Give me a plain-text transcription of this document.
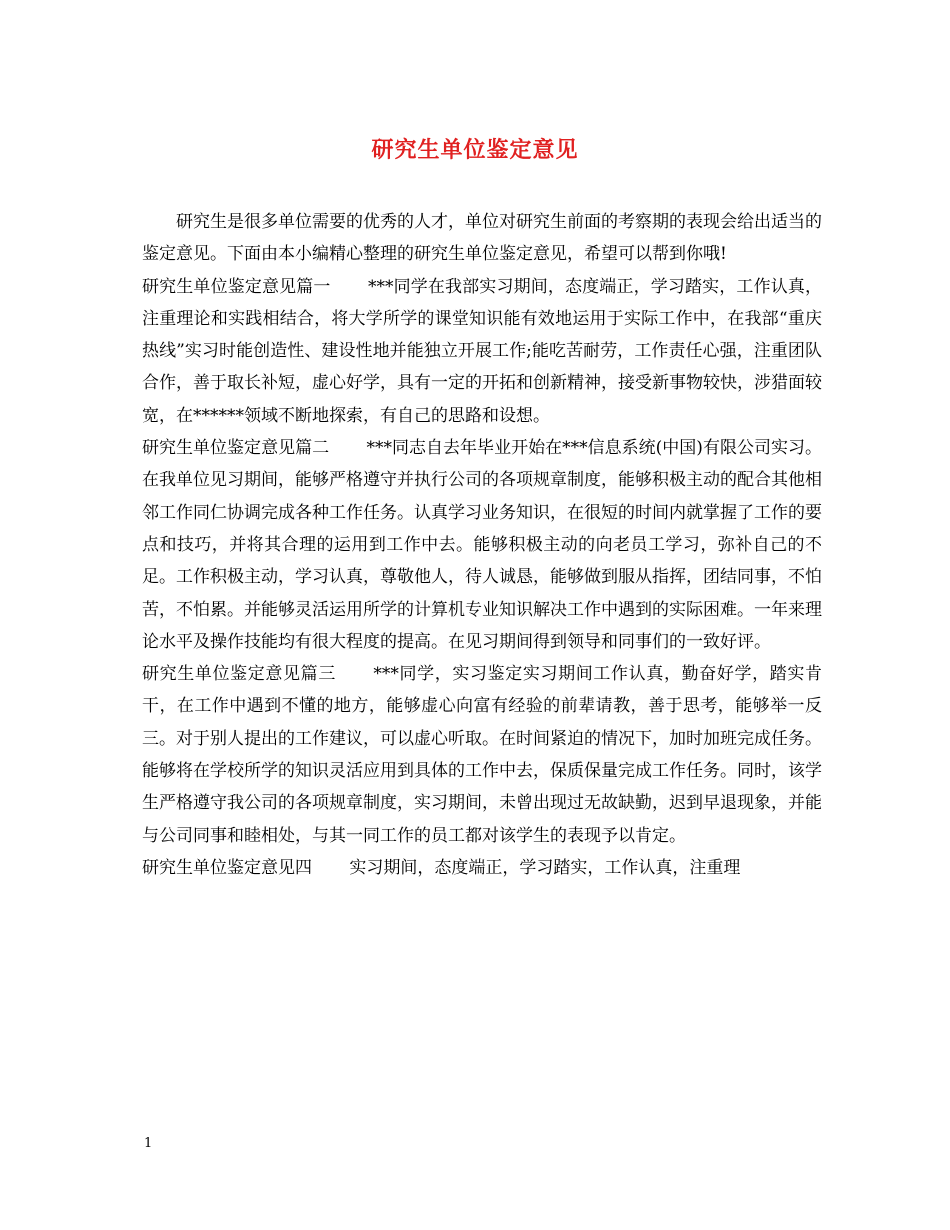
研究生单位鉴定意见

研究生是很多单位需要的优秀的人才，单位对研究生前面的考察期的表现会给出适当的鉴定意见。下面由本小编精心整理的研究生单位鉴定意见，希望可以帮到你哦!

研究生单位鉴定意见篇一 ***同学在我部实习期间，态度端正，学习踏实，工作认真，注重理论和实践相结合，将大学所学的课堂知识能有效地运用于实际工作中，在我部“重庆热线”实习时能创造性、建设性地并能独立开展工作;能吃苦耐劳，工作责任心强，注重团队合作，善于取长补短，虚心好学，具有一定的开拓和创新精神，接受新事物较快，涉猎面较宽，在******领域不断地探索，有自己的思路和设想。

研究生单位鉴定意见篇二 ***同志自去年毕业开始在***信息系统(中国)有限公司实习。在我单位见习期间，能够严格遵守并执行公司的各项规章制度，能够积极主动的配合其他相邻工作同仁协调完成各种工作任务。认真学习业务知识，在很短的时间内就掌握了工作的要点和技巧，并将其合理的运用到工作中去。能够积极主动的向老员工学习，弥补自己的不足。工作积极主动，学习认真，尊敬他人，待人诚恳，能够做到服从指挥，团结同事，不怕苦，不怕累。并能够灵活运用所学的计算机专业知识解决工作中遇到的实际困难。一年来理论水平及操作技能均有很大程度的提高。在见习期间得到领导和同事们的一致好评。

研究生单位鉴定意见篇三 ***同学，实习鉴定实习期间工作认真，勤奋好学，踏实肯干，在工作中遇到不懂的地方，能够虚心向富有经验的前辈请教，善于思考，能够举一反三。对于别人提出的工作建议，可以虚心听取。在时间紧迫的情况下，加时加班完成任务。能够将在学校所学的知识灵活应用到具体的工作中去，保质保量完成工作任务。同时，该学生严格遵守我公司的各项规章制度，实习期间，未曾出现过无故缺勤，迟到早退现象，并能与公司同事和睦相处，与其一同工作的员工都对该学生的表现予以肯定。

研究生单位鉴定意见四 实习期间，态度端正，学习踏实，工作认真，注重理

1
